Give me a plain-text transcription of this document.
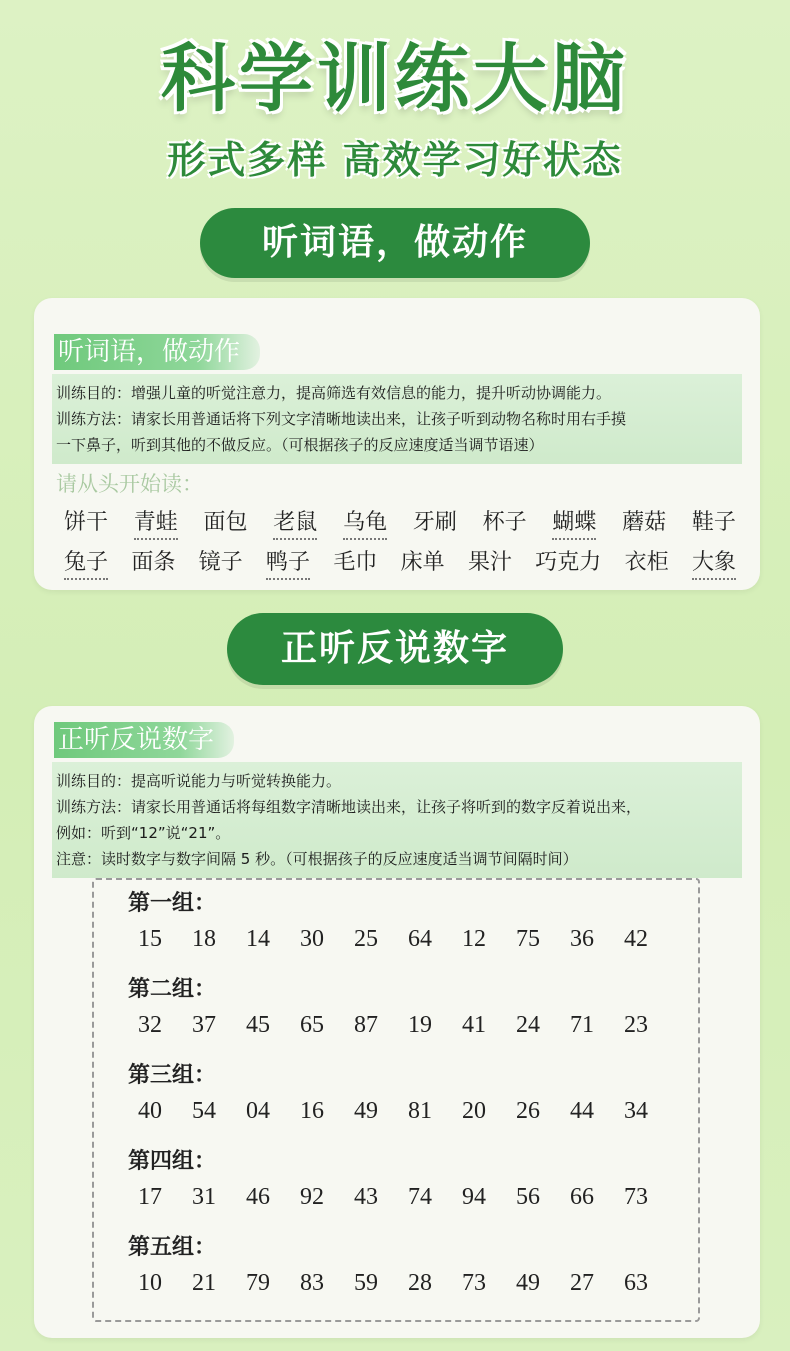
科学训练大脑
形式多样 高效学习好状态
听词语，做动作
听词语，做动作

训练目的：增强儿童的听觉注意力，提高筛选有效信息的能力，提升听动协调能力。

训练方法：请家长用普通话将下列文字清晰地读出来，让孩子听到动物名称时用右手摸

一下鼻子，听到其他的不做反应。（可根据孩子的反应速度适当调节语速）

请从头开始读：
饼干 青蛙 面包 老鼠 乌龟 牙刷 杯子 蝴蝶 蘑菇 鞋子
兔子 面条 镜子 鸭子 毛巾 床单 果汁 巧克力 衣柜 大象
正听反说数字
正听反说数字

训练目的：提高听说能力与听觉转换能力。

训练方法：请家长用普通话将每组数字清晰地读出来，让孩子将听到的数字反着说出来，

例如：听到“12”说“21”。

注意：读时数字与数字间隔 5 秒。（可根据孩子的反应速度适当调节间隔时间）

第一组：
15 18 14 30 25 64 12 75 36 42
第二组：
32 37 45 65 87 19 41 24 71 23
第三组：
40 54 04 16 49 81 20 26 44 34
第四组：
17 31 46 92 43 74 94 56 66 73
第五组：
10 21 79 83 59 28 73 49 27 63
